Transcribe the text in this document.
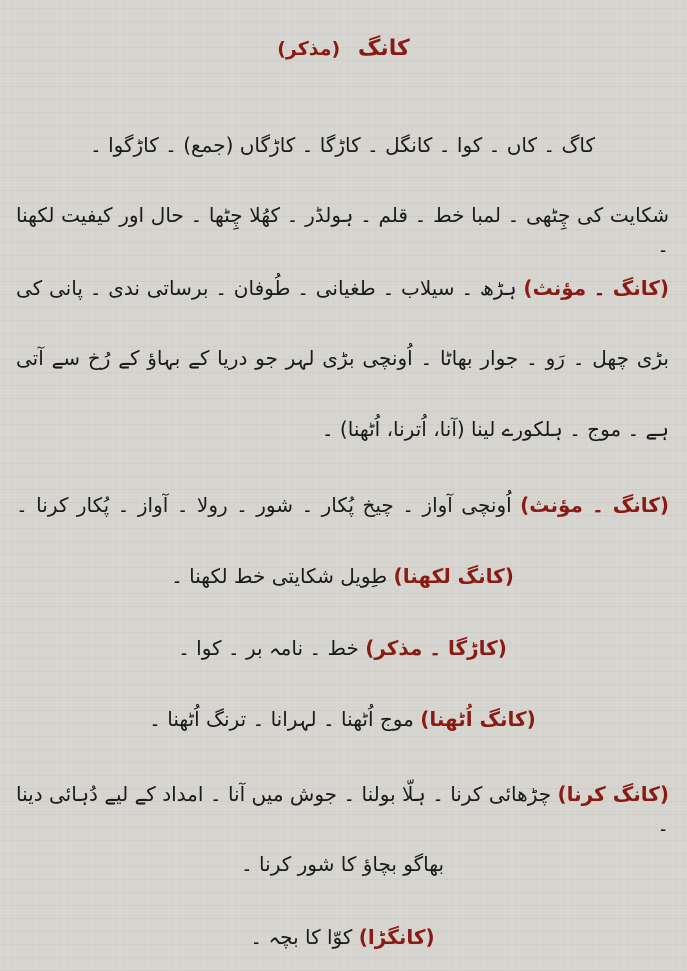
کانگ (مذکر)
کاگ ۔ کاں ۔ کوا ۔ کانگل ۔ کاڑگا ۔ کاڑگاں (جمع) ۔ کاڑگوا ۔
شکایت کی چِٹھی ۔ لمبا خط ۔ قلم ۔ ہولڈر ۔ کھُلا چِٹھا ۔ حال اور کیفیت لکھنا ۔
(کانگ ۔ مؤنث) ہڑھ ۔ سیلاب ۔ طغیانی ۔ طُوفان ۔ برساتی ندی ۔ پانی کی
بڑی چھل ۔ رَو ۔ جوار بھاٹا ۔ اُونچی بڑی لہر جو دریا کے بہاؤ کے رُخ سے آتی
ہے ۔ موج ۔ ہلکورے لینا (آنا، اُترنا، اُٹھنا) ۔
(کانگ ۔ مؤنث) اُونچی آواز ۔ چیخ پُکار ۔ شور ۔ رولا ۔ آواز ۔ پُکار کرنا ۔
(کانگ لکھنا) طِویل شکایتی خط لکھنا ۔
(کاڑگا ۔ مذکر) خط ۔ نامہ بر ۔ کوا ۔
(کانگ اُٹھنا) موج اُٹھنا ۔ لہرانا ۔ ترنگ اُٹھنا ۔
(کانگ کرنا) چڑھائی کرنا ۔ ہلّا بولنا ۔ جوش میں آنا ۔ امداد کے لیے دُہائی دینا ۔
بھاگو بچاؤ کا شور کرنا ۔
(کانگڑا) کوّا کا بچہ ۔
